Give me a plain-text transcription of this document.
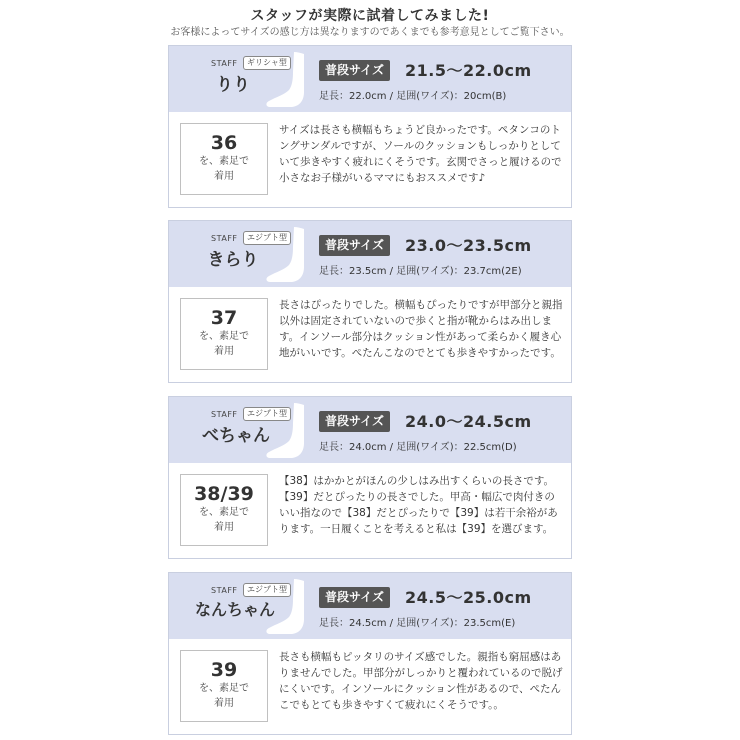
スタッフが実際に試着してみました!
お客様によってサイズの感じ方は異なりますのであくまでも参考意見としてご覧下さい。
STAFF	ギリシャ型
りり
普段サイズ	21.5〜22.0cm
足長：22.0cm / 足囲(ワイズ)：20cm(B)
36
を、素足で
着用

サイズは長さも横幅もちょうど良かったです。ペタンコのトングサンダルですが、ソールのクッションもしっかりとしていて歩きやすく疲れにくそうです。玄関でさっと履けるので小さなお子様がいるママにもおススメです♪

STAFF	エジプト型
きらり
普段サイズ	23.0〜23.5cm
足長：23.5cm / 足囲(ワイズ)：23.7cm(2E)
37
を、素足で
着用

長さはぴったりでした。横幅もぴったりですが甲部分と親指以外は固定されていないので歩くと指が靴からはみ出します。インソール部分はクッション性があって柔らかく履き心地がいいです。ぺたんこなのでとても歩きやすかったです。

STAFF	エジプト型
べちゃん
普段サイズ	24.0〜24.5cm
足長：24.0cm / 足囲(ワイズ)：22.5cm(D)
38/39
を、素足で
着用

【38】はかかとがほんの少しはみ出すくらいの長さです。【39】だとぴったりの長さでした。甲高・幅広で肉付きのいい指なので【38】だとぴったりで【39】は若干余裕があります。一日履くことを考えると私は【39】を選びます。

STAFF	エジプト型
なんちゃん
普段サイズ	24.5〜25.0cm
足長：24.5cm / 足囲(ワイズ)：23.5cm(E)
39
を、素足で
着用

長さも横幅もピッタリのサイズ感でした。親指も窮屈感はありませんでした。甲部分がしっかりと覆われているので脱げにくいです。インソールにクッション性があるので、ぺたんこでもとても歩きやすくて疲れにくそうです。。
